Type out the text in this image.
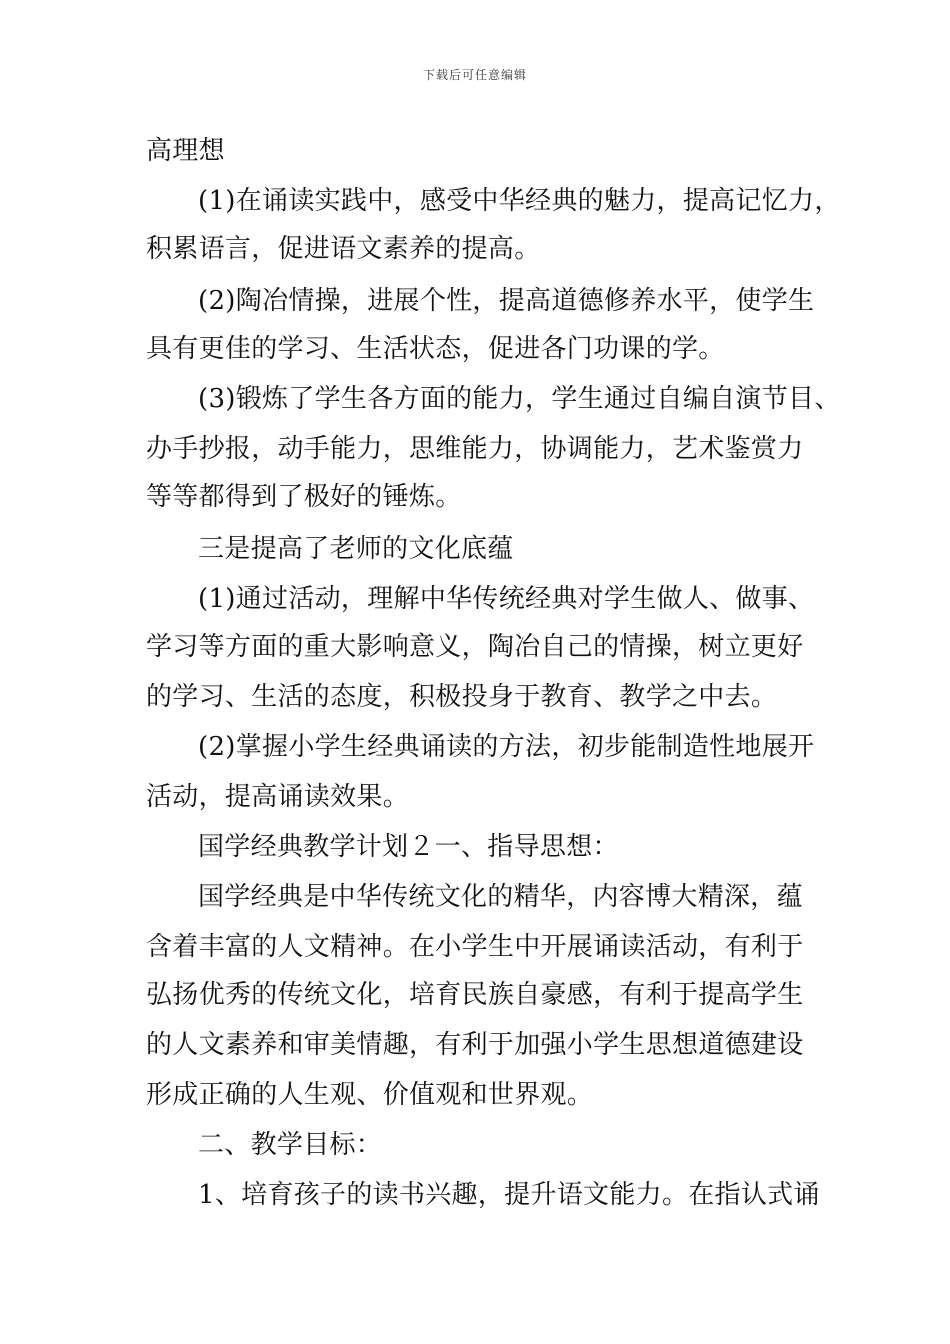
下载后可任意编辑
高理想
(1)在诵读实践中，感受中华经典的魅力，提高记忆力，
积累语言，促进语文素养的提高。
(2)陶冶情操，进展个性，提高道德修养水平，使学生
具有更佳的学习、生活状态，促进各门功课的学。
(3)锻炼了学生各方面的能力，学生通过自编自演节目、
办手抄报，动手能力，思维能力，协调能力，艺术鉴赏力
等等都得到了极好的锤炼。
三是提高了老师的文化底蕴
(1)通过活动，理解中华传统经典对学生做人、做事、
学习等方面的重大影响意义，陶冶自己的情操，树立更好
的学习、生活的态度，积极投身于教育、教学之中去。
(2)掌握小学生经典诵读的方法，初步能制造性地展开
活动，提高诵读效果。
国学经典教学计划２一、指导思想：
国学经典是中华传统文化的精华，内容博大精深，蕴
含着丰富的人文精神。在小学生中开展诵读活动，有利于
弘扬优秀的传统文化，培育民族自豪感，有利于提高学生
的人文素养和审美情趣，有利于加强小学生思想道德建设
形成正确的人生观、价值观和世界观。
二、教学目标：
1、培育孩子的读书兴趣，提升语文能力。在指认式诵
